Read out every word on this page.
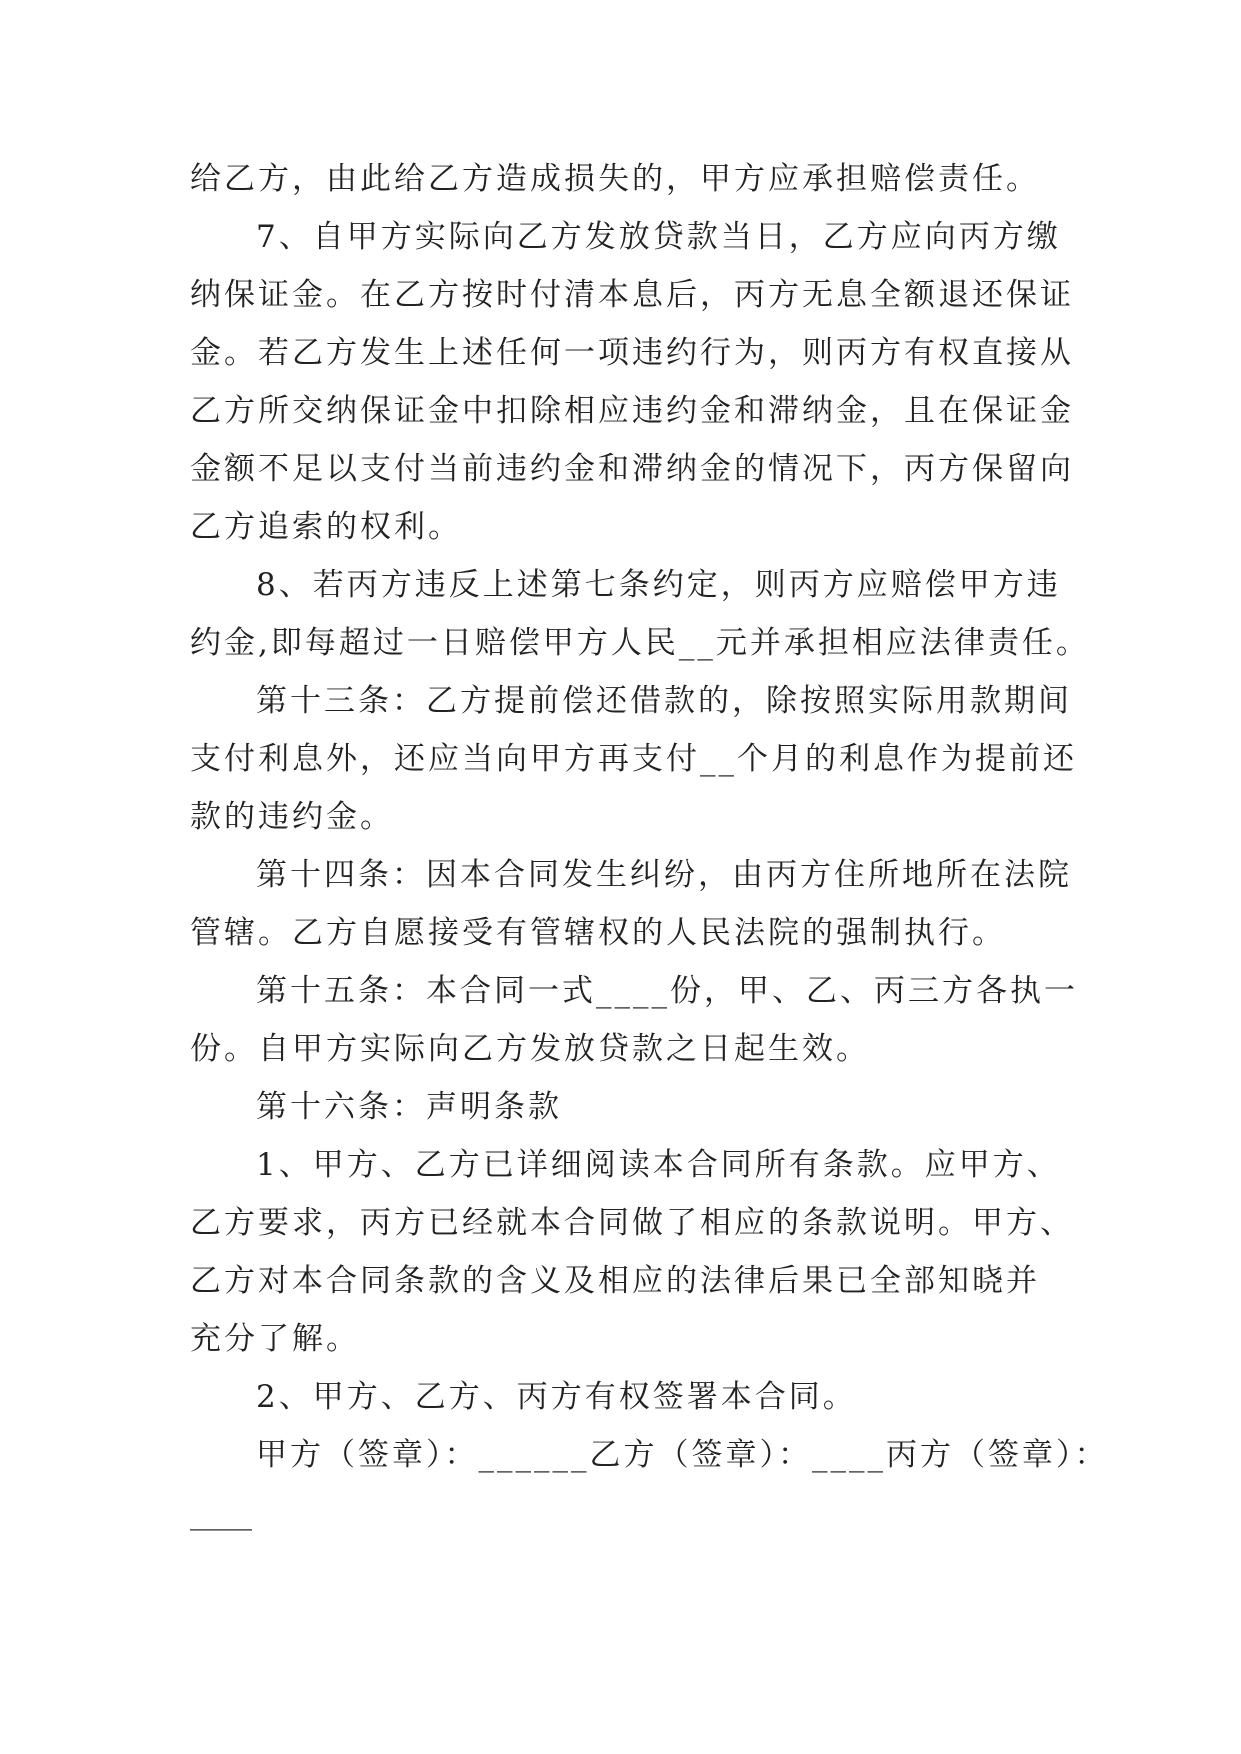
给乙方，由此给乙方造成损失的，甲方应承担赔偿责任。
7、自甲方实际向乙方发放贷款当日，乙方应向丙方缴
纳保证金。在乙方按时付清本息后，丙方无息全额退还保证
金。若乙方发生上述任何一项违约行为，则丙方有权直接从
乙方所交纳保证金中扣除相应违约金和滞纳金，且在保证金
金额不足以支付当前违约金和滞纳金的情况下，丙方保留向
乙方追索的权利。
8、若丙方违反上述第七条约定，则丙方应赔偿甲方违
约金,即每超过一日赔偿甲方人民__元并承担相应法律责任。
第十三条：乙方提前偿还借款的，除按照实际用款期间
支付利息外，还应当向甲方再支付__个月的利息作为提前还
款的违约金。
第十四条：因本合同发生纠纷，由丙方住所地所在法院
管辖。乙方自愿接受有管辖权的人民法院的强制执行。
第十五条：本合同一式____份，甲、乙、丙三方各执一
份。自甲方实际向乙方发放贷款之日起生效。
第十六条：声明条款
1、甲方、乙方已详细阅读本合同所有条款。应甲方、
乙方要求，丙方已经就本合同做了相应的条款说明。甲方、
乙方对本合同条款的含义及相应的法律后果已全部知晓并
充分了解。
2、甲方、乙方、丙方有权签署本合同。
甲方（签章）：______乙方（签章）：____丙方（签章）：
____
